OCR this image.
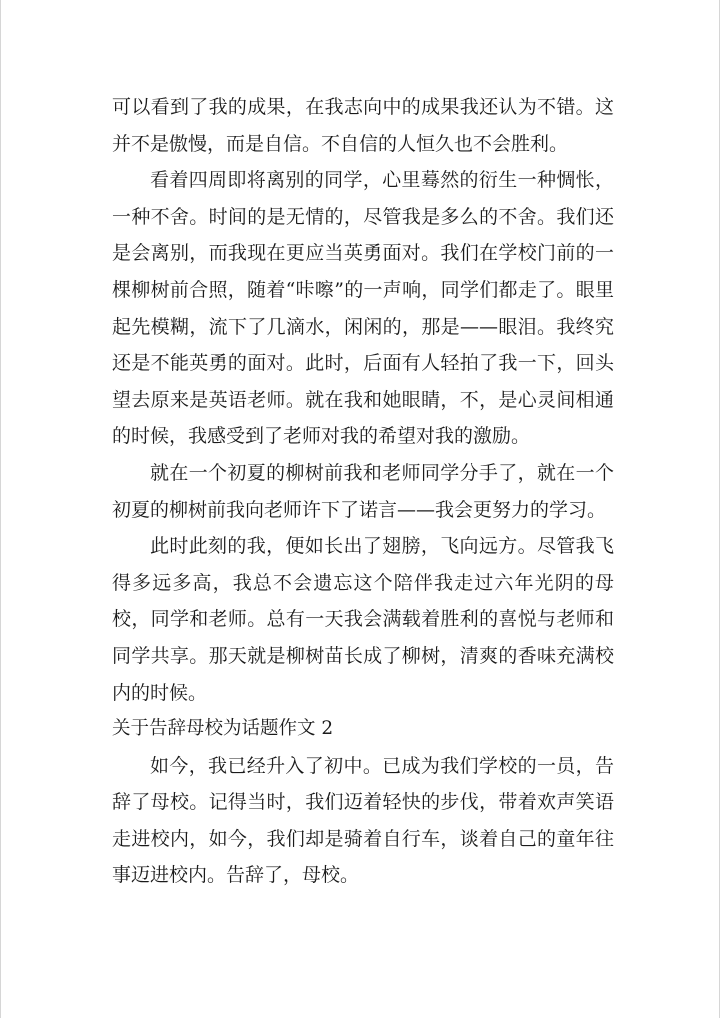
可以看到了我的成果，在我志向中的成果我还认为不错。这并不是傲慢，而是自信。不自信的人恒久也不会胜利。

看着四周即将离别的同学，心里蓦然的衍生一种惆怅，一种不舍。时间的是无情的，尽管我是多么的不舍。我们还是会离别，而我现在更应当英勇面对。我们在学校门前的一棵柳树前合照，随着“咔嚓”的一声响，同学们都走了。眼里起先模糊，流下了几滴水，闲闲的，那是——眼泪。我终究还是不能英勇的面对。此时，后面有人轻拍了我一下，回头望去原来是英语老师。就在我和她眼睛，不，是心灵间相通的时候，我感受到了老师对我的希望对我的激励。

就在一个初夏的柳树前我和老师同学分手了，就在一个初夏的柳树前我向老师许下了诺言——我会更努力的学习。

此时此刻的我，便如长出了翅膀，飞向远方。尽管我飞得多远多高，我总不会遗忘这个陪伴我走过六年光阴的母校，同学和老师。总有一天我会满载着胜利的喜悦与老师和同学共享。那天就是柳树苗长成了柳树，清爽的香味充满校内的时候。

关于告辞母校为话题作文 2

如今，我已经升入了初中。已成为我们学校的一员，告辞了母校。记得当时，我们迈着轻快的步伐，带着欢声笑语走进校内，如今，我们却是骑着自行车，谈着自己的童年往事迈进校内。告辞了，母校。
